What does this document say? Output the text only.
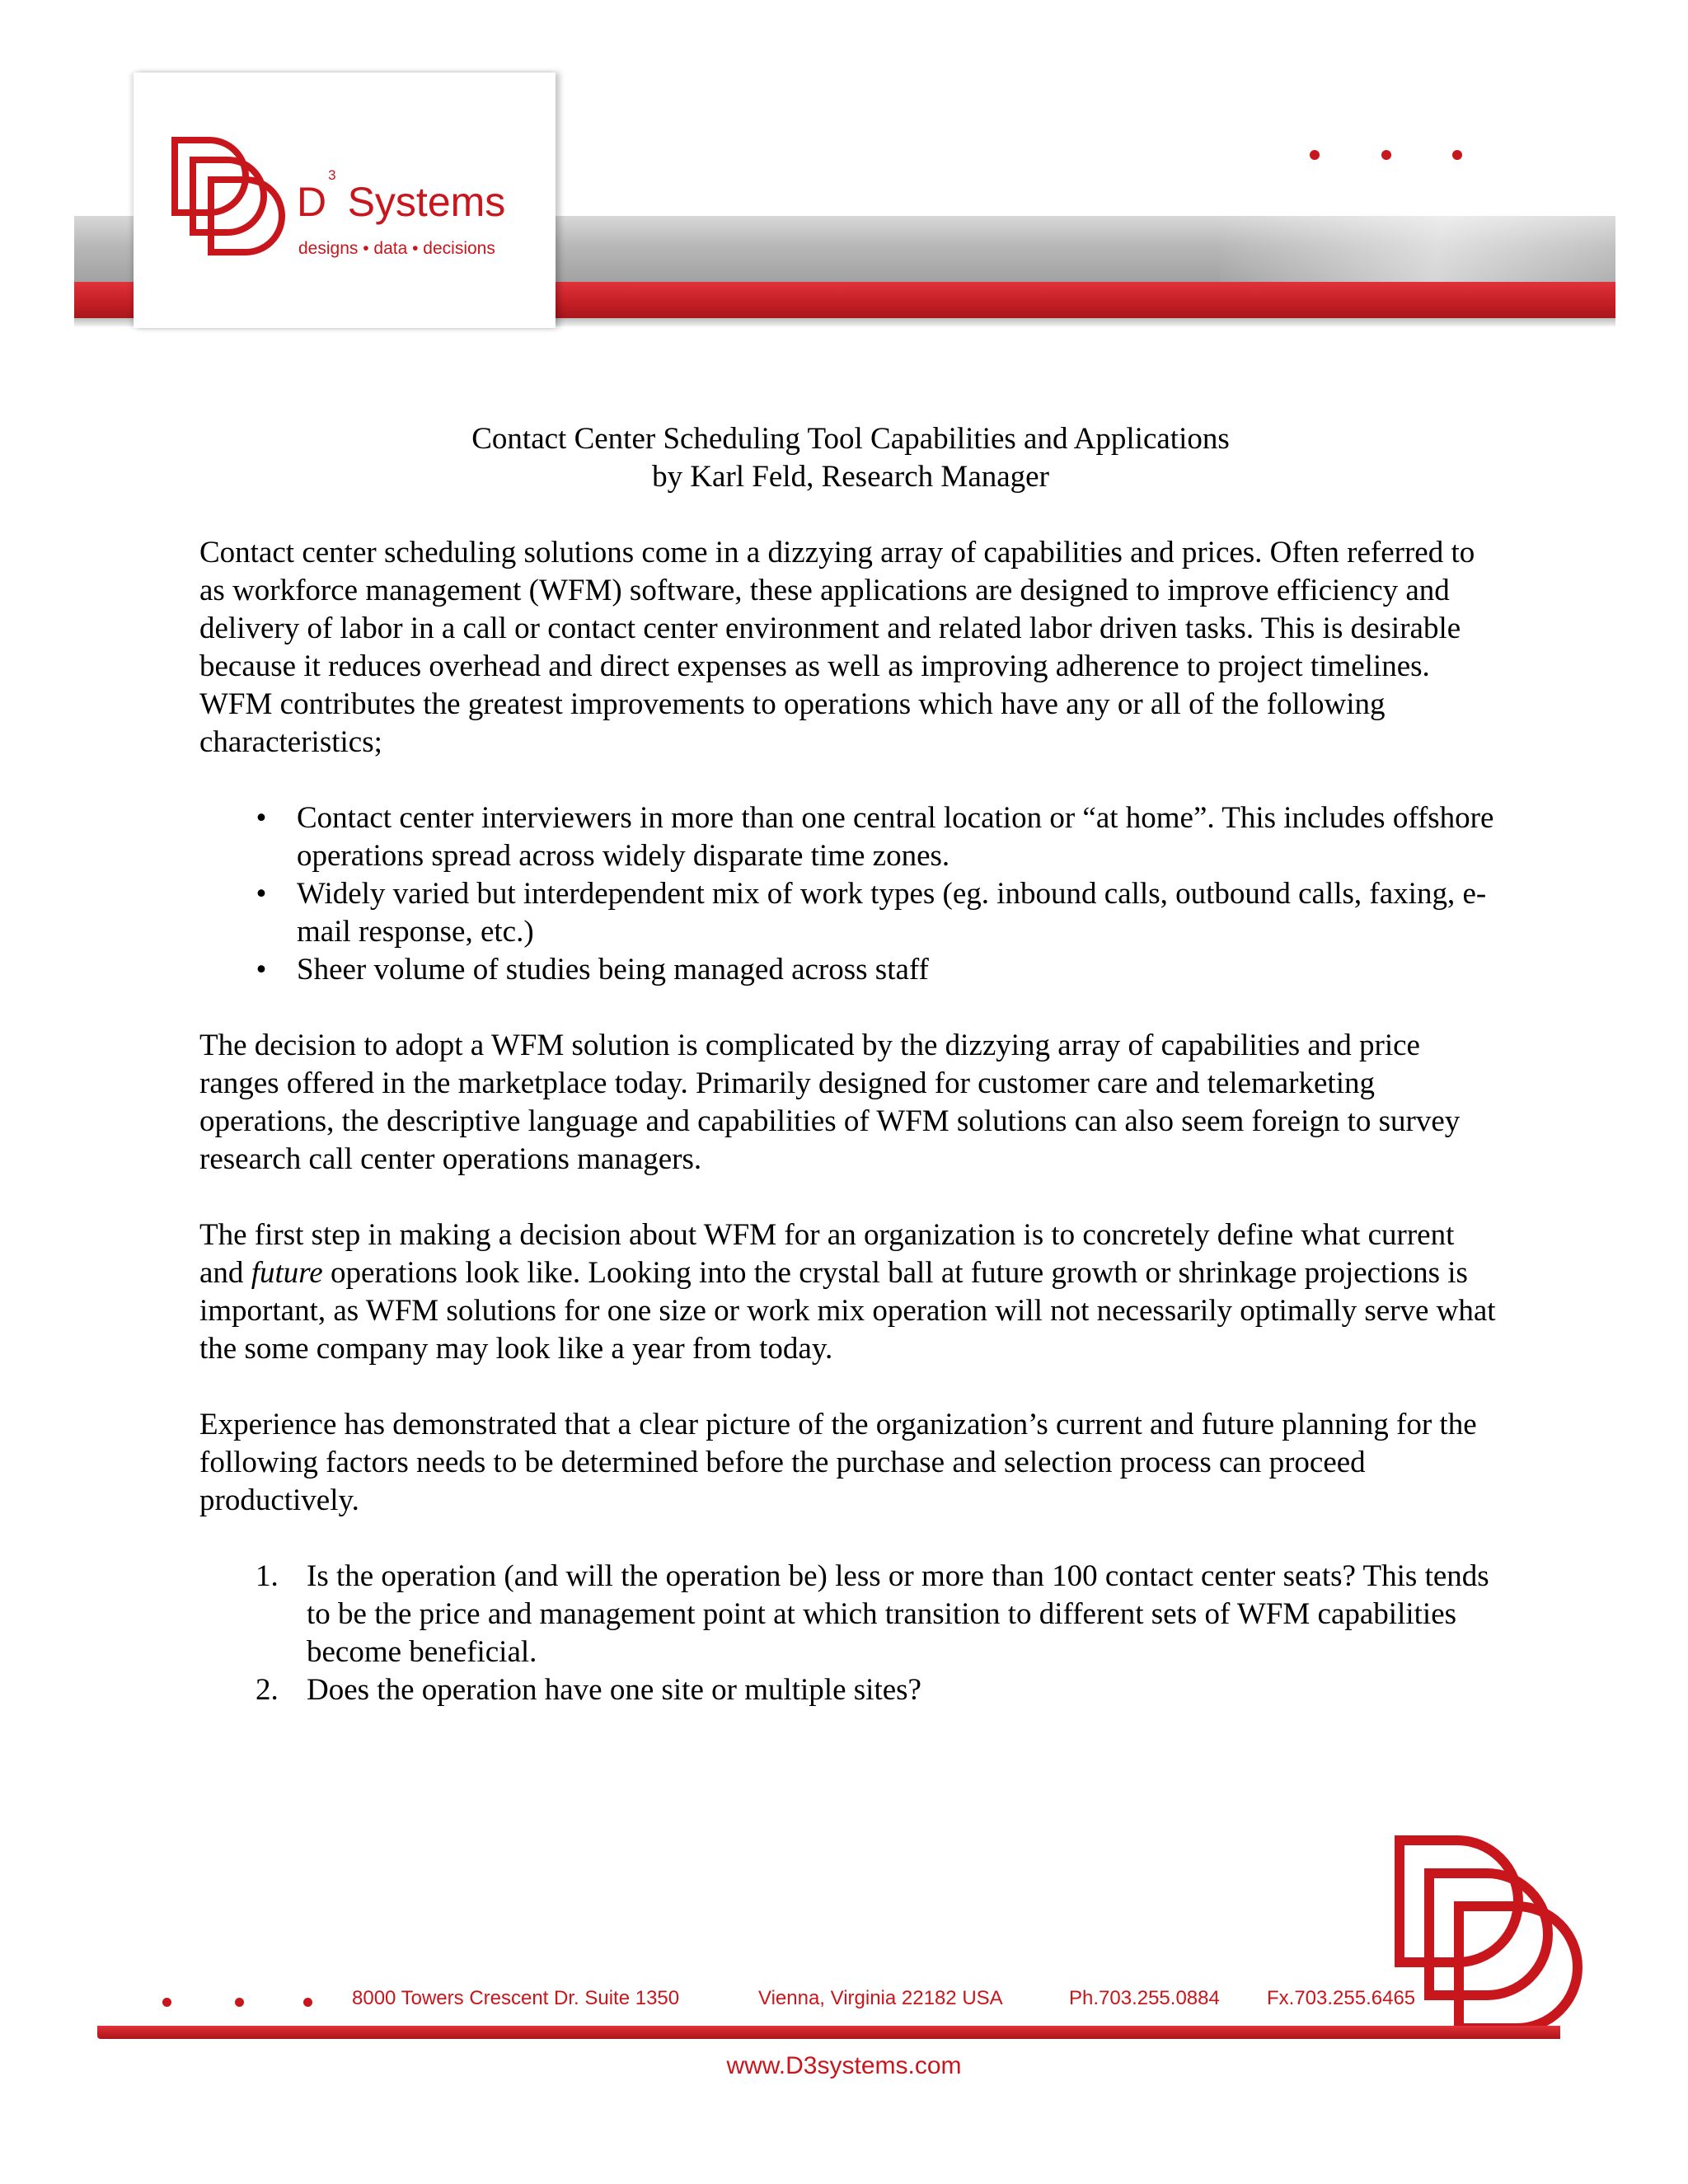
$D^3Systems$
designs • data • decisions

Contact Center Scheduling Tool Capabilities and Applications

by Karl Feld, Research Manager

Contact center scheduling solutions come in a dizzying array of capabilities and prices. Often referred to as workforce management (WFM) software, these applications are designed to improve efficiency and delivery of labor in a call or contact center environment and related labor driven tasks. This is desirable because it reduces overhead and direct expenses as well as improving adherence to project timelines. WFM contributes the greatest improvements to operations which have any or all of the following characteristics;

• Contact center interviewers in more than one central location or “at home”. This includes offshore operations spread across widely disparate time zones.
• Widely varied but interdependent mix of work types (eg. inbound calls, outbound calls, faxing, e-mail response, etc.)
• Sheer volume of studies being managed across staff

The decision to adopt a WFM solution is complicated by the dizzying array of capabilities and price ranges offered in the marketplace today. Primarily designed for customer care and telemarketing operations, the descriptive language and capabilities of WFM solutions can also seem foreign to survey research call center operations managers.

The first step in making a decision about WFM for an organization is to concretely define what current and future operations look like. Looking into the crystal ball at future growth or shrinkage projections is important, as WFM solutions for one size or work mix operation will not necessarily optimally serve what the some company may look like a year from today.

Experience has demonstrated that a clear picture of the organization’s current and future planning for the following factors needs to be determined before the purchase and selection process can proceed productively.

1. Is the operation (and will the operation be) less or more than 100 contact center seats? This tends to be the price and management point at which transition to different sets of WFM capabilities become beneficial.
2. Does the operation have one site or multiple sites?
8000 Towers Crescent Dr. Suite 1350	Vienna, Virginia 22182 USA	Ph.703.255.0884 Fx.703.255.6465
www.D3systems.com
